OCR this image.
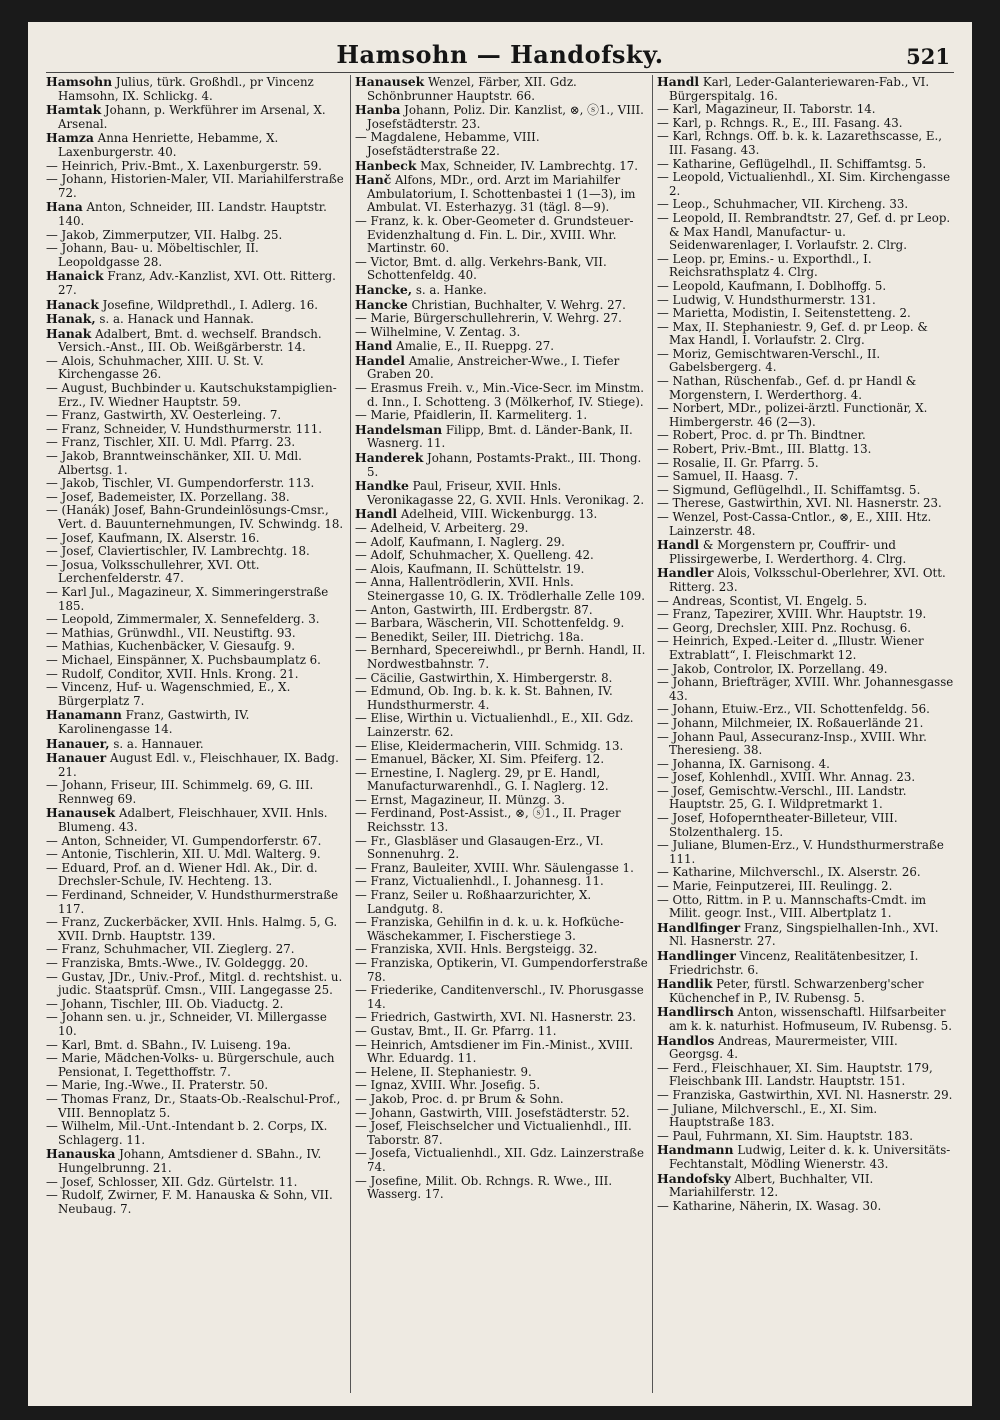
Hamsohn — Handofsky.	521

Hamsohn Julius, türk. Großhdl., pr Vincenz Hamsohn, IX. Schlickg. 4.

Hamtak Johann, p. Werkführer im Arsenal, X. Arsenal.

Hamza Anna Henriette, Hebamme, X. Laxenburgerstr. 40.

— Heinrich, Priv.-Bmt., X. Laxenburgerstr. 59.

— Johann, Historien-Maler, VII. Mariahilferstraße 72.

Hana Anton, Schneider, III. Landstr. Hauptstr. 140.

— Jakob, Zimmerputzer, VII. Halbg. 25.

— Johann, Bau- u. Möbeltischler, II. Leopoldgasse 28.

Hanaick Franz, Adv.-Kanzlist, XVI. Ott. Ritterg. 27.

Hanack Josefine, Wildprethdl., I. Adlerg. 16.

Hanak, s. a. Hanack und Hannak.

Hanak Adalbert, Bmt. d. wechself. Brandsch. Versich.-Anst., III. Ob. Weißgärberstr. 14.

— Alois, Schuhmacher, XIII. U. St. V. Kirchengasse 26.

— August, Buchbinder u. Kautschukstampiglien-Erz., IV. Wiedner Hauptstr. 59.

— Franz, Gastwirth, XV. Oesterleing. 7.

— Franz, Schneider, V. Hundsthurmerstr. 111.

— Franz, Tischler, XII. U. Mdl. Pfarrg. 23.

— Jakob, Branntweinschänker, XII. U. Mdl. Albertsg. 1.

— Jakob, Tischler, VI. Gumpendorferstr. 113.

— Josef, Bademeister, IX. Porzellang. 38.

— (Hanák) Josef, Bahn-Grundeinlösungs-Cmsr., Vert. d. Bauunternehmungen, IV. Schwindg. 18.

— Josef, Kaufmann, IX. Alserstr. 16.

— Josef, Claviertischler, IV. Lambrechtg. 18.

— Josua, Volksschullehrer, XVI. Ott. Lerchenfelderstr. 47.

— Karl Jul., Magazineur, X. Simmeringerstraße 185.

— Leopold, Zimmermaler, X. Sennefelderg. 3.

— Mathias, Grünwdhl., VII. Neustiftg. 93.

— Mathias, Kuchenbäcker, V. Giesaufg. 9.

— Michael, Einspänner, X. Puchsbaumplatz 6.

— Rudolf, Conditor, XVII. Hnls. Krong. 21.

— Vincenz, Huf- u. Wagenschmied, E., X. Bürgerplatz 7.

Hanamann Franz, Gastwirth, IV. Karolinengasse 14.

Hanauer, s. a. Hannauer.

Hanauer August Edl. v., Fleischhauer, IX. Badg. 21.

— Johann, Friseur, III. Schimmelg. 69, G. III. Rennweg 69.

Hanausek Adalbert, Fleischhauer, XVII. Hnls. Blumeng. 43.

— Anton, Schneider, VI. Gumpendorferstr. 67.

— Antonie, Tischlerin, XII. U. Mdl. Walterg. 9.

— Eduard, Prof. an d. Wiener Hdl. Ak., Dir. d. Drechsler-Schule, IV. Hechteng. 13.

— Ferdinand, Schneider, V. Hundsthurmerstraße 117.

— Franz, Zuckerbäcker, XVII. Hnls. Halmg. 5, G. XVII. Drnb. Hauptstr. 139.

— Franz, Schuhmacher, VII. Zieglerg. 27.

— Franziska, Bmts.-Wwe., IV. Goldeggg. 20.

— Gustav, JDr., Univ.-Prof., Mitgl. d. rechtshist. u. judic. Staatsprüf. Cmsn., VIII. Langegasse 25.

— Johann, Tischler, III. Ob. Viaductg. 2.

— Johann sen. u. jr., Schneider, VI. Millergasse 10.

— Karl, Bmt. d. SBahn., IV. Luiseng. 19a.

— Marie, Mädchen-Volks- u. Bürgerschule, auch Pensionat, I. Tegetthoffstr. 7.

— Marie, Ing.-Wwe., II. Praterstr. 50.

— Thomas Franz, Dr., Staats-Ob.-Realschul-Prof., VIII. Bennoplatz 5.

— Wilhelm, Mil.-Unt.-Intendant b. 2. Corps, IX. Schlagerg. 11.

Hanauska Johann, Amtsdiener d. SBahn., IV. Hungelbrunng. 21.

— Josef, Schlosser, XII. Gdz. Gürtelstr. 11.

— Rudolf, Zwirner, F. M. Hanauska & Sohn, VII. Neubaug. 7.

Hanausek Wenzel, Färber, XII. Gdz. Schönbrunner Hauptstr. 66.

Hanba Johann, Poliz. Dir. Kanzlist, ⊗, ⓢ1., VIII. Josefstädterstr. 23.

— Magdalene, Hebamme, VIII. Josefstädterstraße 22.

Hanbeck Max, Schneider, IV. Lambrechtg. 17.

Hanč Alfons, MDr., ord. Arzt im Mariahilfer Ambulatorium, I. Schottenbastei 1 (1—3), im Ambulat. VI. Esterhazyg. 31 (tägl. 8—9).

— Franz, k. k. Ober-Geometer d. Grundsteuer-Evidenzhaltung d. Fin. L. Dir., XVIII. Whr. Martinstr. 60.

— Victor, Bmt. d. allg. Verkehrs-Bank, VII. Schottenfeldg. 40.

Hancke, s. a. Hanke.

Hancke Christian, Buchhalter, V. Wehrg. 27.

— Marie, Bürgerschullehrerin, V. Wehrg. 27.

— Wilhelmine, V. Zentag. 3.

Hand Amalie, E., II. Rueppg. 27.

Handel Amalie, Anstreicher-Wwe., I. Tiefer Graben 20.

— Erasmus Freih. v., Min.-Vice-Secr. im Minstm. d. Inn., I. Schotteng. 3 (Mölkerhof, IV. Stiege).

— Marie, Pfaidlerin, II. Karmeliterg. 1.

Handelsman Filipp, Bmt. d. Länder-Bank, II. Wasnerg. 11.

Handerek Johann, Postamts-Prakt., III. Thong. 5.

Handke Paul, Friseur, XVII. Hnls. Veronikagasse 22, G. XVII. Hnls. Veronikag. 2.

Handl Adelheid, VIII. Wickenburgg. 13.

— Adelheid, V. Arbeiterg. 29.

— Adolf, Kaufmann, I. Naglerg. 29.

— Adolf, Schuhmacher, X. Quelleng. 42.

— Alois, Kaufmann, II. Schüttelstr. 19.

— Anna, Hallentrödlerin, XVII. Hnls. Steinergasse 10, G. IX. Trödlerhalle Zelle 109.

— Anton, Gastwirth, III. Erdbergstr. 87.

— Barbara, Wäscherin, VII. Schottenfeldg. 9.

— Benedikt, Seiler, III. Dietrichg. 18a.

— Bernhard, Specereiwhdl., pr Bernh. Handl, II. Nordwestbahnstr. 7.

— Cäcilie, Gastwirthin, X. Himbergerstr. 8.

— Edmund, Ob. Ing. b. k. k. St. Bahnen, IV. Hundsthurmerstr. 4.

— Elise, Wirthin u. Victualienhdl., E., XII. Gdz. Lainzerstr. 62.

— Elise, Kleidermacherin, VIII. Schmidg. 13.

— Emanuel, Bäcker, XI. Sim. Pfeiferg. 12.

— Ernestine, I. Naglerg. 29, pr E. Handl, Manufacturwarenhdl., G. I. Naglerg. 12.

— Ernst, Magazineur, II. Münzg. 3.

— Ferdinand, Post-Assist., ⊗, ⓢ1., II. Prager Reichsstr. 13.

— Fr., Glasbläser und Glasaugen-Erz., VI. Sonnenuhrg. 2.

— Franz, Bauleiter, XVIII. Whr. Säulengasse 1.

— Franz, Victualienhdl., I. Johannesg. 11.

— Franz, Seiler u. Roßhaarzurichter, X. Landgutg. 8.

— Franziska, Gehilfin in d. k. u. k. Hofküche-Wäschekammer, I. Fischerstiege 3.

— Franziska, XVII. Hnls. Bergsteigg. 32.

— Franziska, Optikerin, VI. Gumpendorferstraße 78.

— Friederike, Canditenverschl., IV. Phorusgasse 14.

— Friedrich, Gastwirth, XVI. Nl. Hasnerstr. 23.

— Gustav, Bmt., II. Gr. Pfarrg. 11.

— Heinrich, Amtsdiener im Fin.-Minist., XVIII. Whr. Eduardg. 11.

— Helene, II. Stephaniestr. 9.

— Ignaz, XVIII. Whr. Josefig. 5.

— Jakob, Proc. d. pr Brum & Sohn.

— Johann, Gastwirth, VIII. Josefstädterstr. 52.

— Josef, Fleischselcher und Victualienhdl., III. Taborstr. 87.

— Josefa, Victualienhdl., XII. Gdz. Lainzerstraße 74.

— Josefine, Milit. Ob. Rchngs. R. Wwe., III. Wasserg. 17.

Handl Karl, Leder-Galanteriewaren-Fab., VI. Bürgerspitalg. 16.

— Karl, Magazineur, II. Taborstr. 14.

— Karl, p. Rchngs. R., E., III. Fasang. 43.

— Karl, Rchngs. Off. b. k. k. Lazarethscasse, E., III. Fasang. 43.

— Katharine, Geflügelhdl., II. Schiffamtsg. 5.

— Leopold, Victualienhdl., XI. Sim. Kirchengasse 2.

— Leop., Schuhmacher, VII. Kircheng. 33.

— Leopold, II. Rembrandtstr. 27, Gef. d. pr Leop. & Max Handl, Manufactur- u. Seidenwarenlager, I. Vorlaufstr. 2. Clrg.

— Leop. pr, Emins.- u. Exporthdl., I. Reichsrathsplatz 4. Clrg.

— Leopold, Kaufmann, I. Doblhoffg. 5.

— Ludwig, V. Hundsthurmerstr. 131.

— Marietta, Modistin, I. Seitenstetteng. 2.

— Max, II. Stephaniestr. 9, Gef. d. pr Leop. & Max Handl, I. Vorlaufstr. 2. Clrg.

— Moriz, Gemischtwaren-Verschl., II. Gabelsbergerg. 4.

— Nathan, Rüschenfab., Gef. d. pr Handl & Morgenstern, I. Werderthorg. 4.

— Norbert, MDr., polizei-ärztl. Functionär, X. Himbergerstr. 46 (2—3).

— Robert, Proc. d. pr Th. Bindtner.

— Robert, Priv.-Bmt., III. Blattg. 13.

— Rosalie, II. Gr. Pfarrg. 5.

— Samuel, II. Haasg. 7.

— Sigmund, Geflügelhdl., II. Schiffamtsg. 5.

— Therese, Gastwirthin, XVI. Nl. Hasnerstr. 23.

— Wenzel, Post-Cassa-Cntlor., ⊗, E., XIII. Htz. Lainzerstr. 48.

Handl & Morgenstern pr, Couffrir- und Plissirgewerbe, I. Werderthorg. 4. Clrg.

Handler Alois, Volksschul-Oberlehrer, XVI. Ott. Ritterg. 23.

— Andreas, Scontist, VI. Engelg. 5.

— Franz, Tapezirer, XVIII. Whr. Hauptstr. 19.

— Georg, Drechsler, XIII. Pnz. Rochusg. 6.

— Heinrich, Exped.-Leiter d. „Illustr. Wiener Extrablatt“, I. Fleischmarkt 12.

— Jakob, Controlor, IX. Porzellang. 49.

— Johann, Briefträger, XVIII. Whr. Johannesgasse 43.

— Johann, Etuiw.-Erz., VII. Schottenfeldg. 56.

— Johann, Milchmeier, IX. Roßauerlände 21.

— Johann Paul, Assecuranz-Insp., XVIII. Whr. Theresieng. 38.

— Johanna, IX. Garnisong. 4.

— Josef, Kohlenhdl., XVIII. Whr. Annag. 23.

— Josef, Gemischtw.-Verschl., III. Landstr. Hauptstr. 25, G. I. Wildpretmarkt 1.

— Josef, Hofoperntheater-Billeteur, VIII. Stolzenthalerg. 15.

— Juliane, Blumen-Erz., V. Hundsthurmerstraße 111.

— Katharine, Milchverschl., IX. Alserstr. 26.

— Marie, Feinputzerei, III. Reulingg. 2.

— Otto, Rittm. in P. u. Mannschafts-Cmdt. im Milit. geogr. Inst., VIII. Albertplatz 1.

Handlfinger Franz, Singspielhallen-Inh., XVI. Nl. Hasnerstr. 27.

Handlinger Vincenz, Realitätenbesitzer, I. Friedrichstr. 6.

Handlik Peter, fürstl. Schwarzenberg'scher Küchenchef in P., IV. Rubensg. 5.

Handlirsch Anton, wissenschaftl. Hilfsarbeiter am k. k. naturhist. Hofmuseum, IV. Rubensg. 5.

Handlos Andreas, Maurermeister, VIII. Georgsg. 4.

— Ferd., Fleischhauer, XI. Sim. Hauptstr. 179, Fleischbank III. Landstr. Hauptstr. 151.

— Franziska, Gastwirthin, XVI. Nl. Hasnerstr. 29.

— Juliane, Milchverschl., E., XI. Sim. Hauptstraße 183.

— Paul, Fuhrmann, XI. Sim. Hauptstr. 183.

Handmann Ludwig, Leiter d. k. k. Universitäts-Fechtanstalt, Mödling Wienerstr. 43.

Handofsky Albert, Buchhalter, VII. Mariahilferstr. 12.

— Katharine, Näherin, IX. Wasag. 30.
